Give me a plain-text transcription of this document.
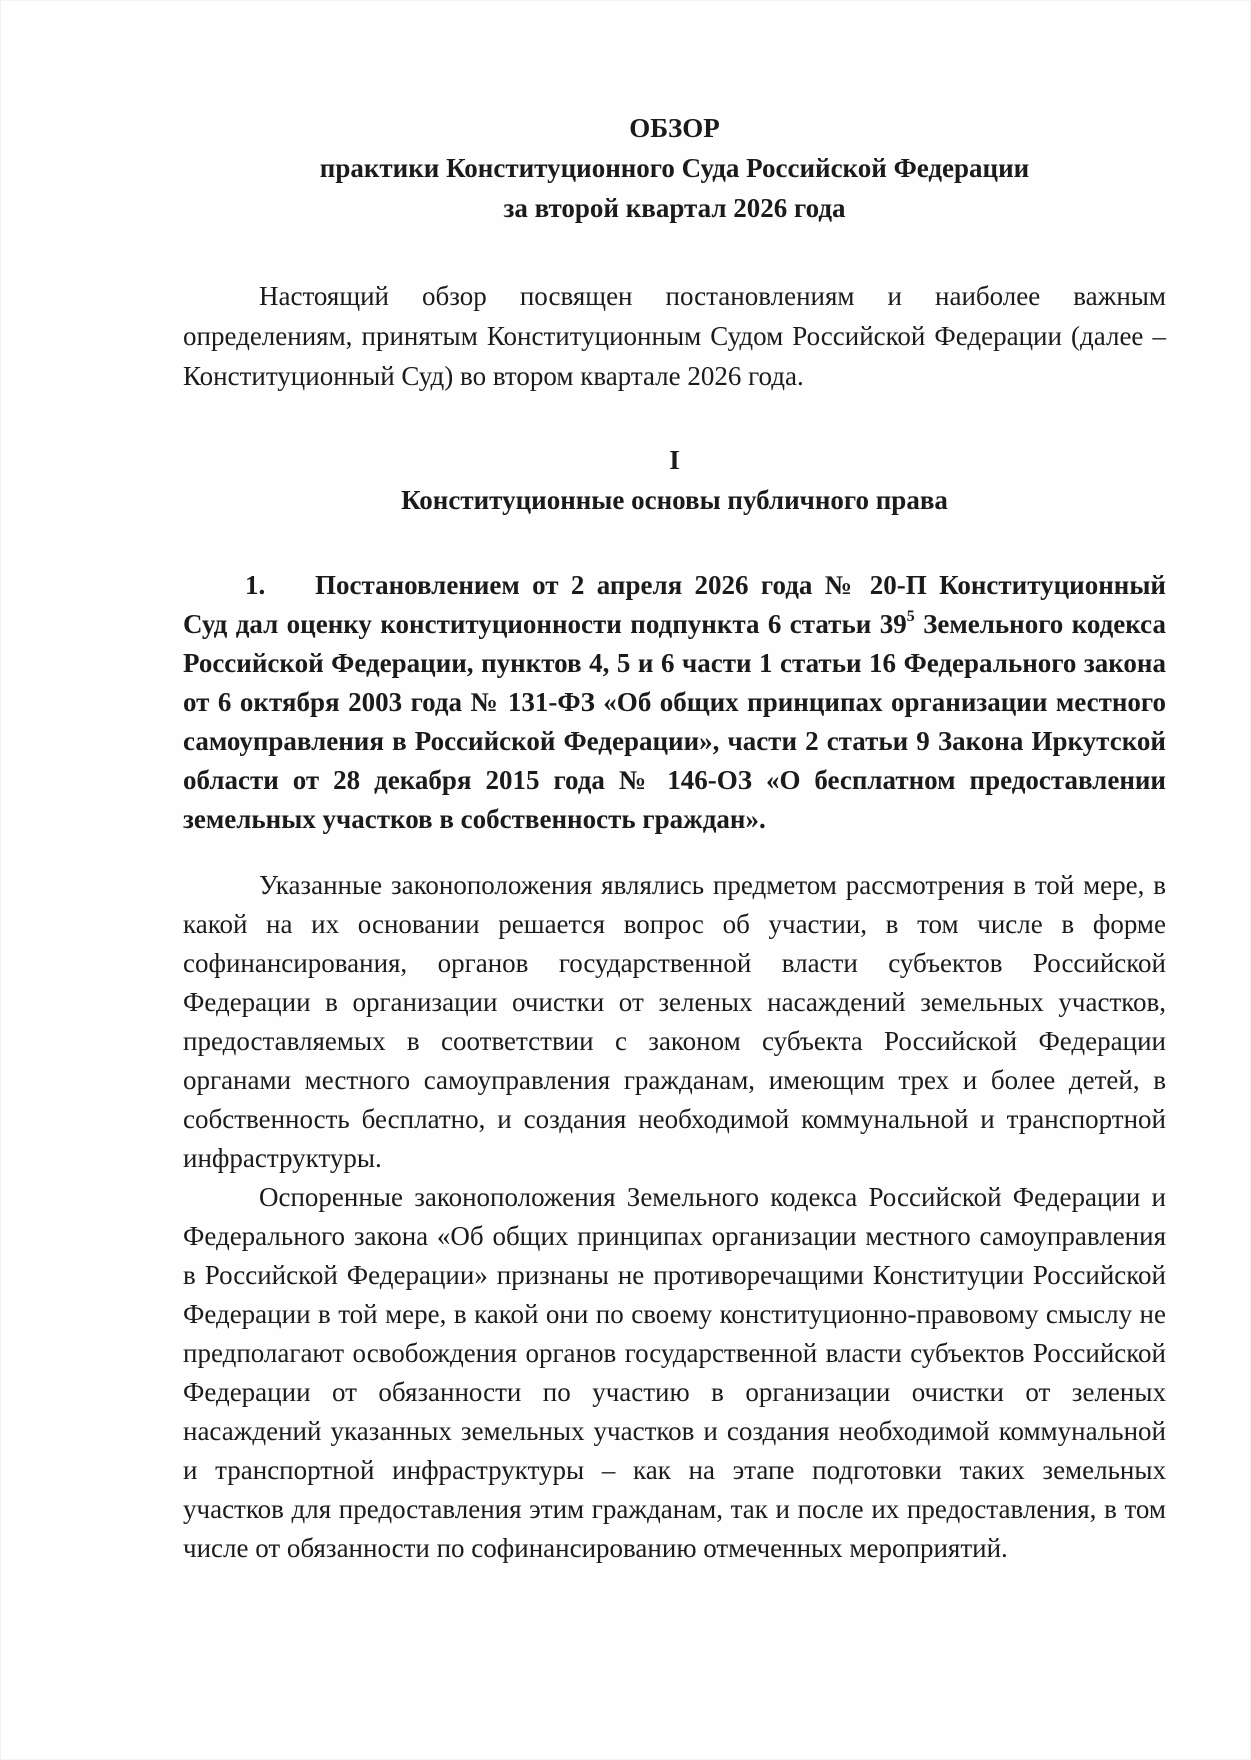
ОБЗОР
практики Конституционного Суда Российской Федерации
за второй квартал 2026 года

Настоящий обзор посвящен постановлениям и наиболее важным определениям, принятым Конституционным Судом Российской Федерации (далее – Конституционный Суд) во втором квартале 2026 года.

I
Конституционные основы публичного права

1. Постановлением от 2 апреля 2026 года № 20-П Конституционный Суд дал оценку конституционности подпункта 6 статьи $39^5$ Земельного кодекса Российской Федерации, пунктов 4, 5 и 6 части 1 статьи 16 Федерального закона от 6 октября 2003 года № 131-ФЗ «Об общих принципах организации местного самоуправления в Российской Федерации», части 2 статьи 9 Закона Иркутской области от 28 декабря 2015 года № 146-ОЗ «О бесплатном предоставлении земельных участков в собственность граждан».

Указанные законоположения являлись предметом рассмотрения в той мере, в какой на их основании решается вопрос об участии, в том числе в форме софинансирования, органов государственной власти субъектов Российской Федерации в организации очистки от зеленых насаждений земельных участков, предоставляемых в соответствии с законом субъекта Российской Федерации органами местного самоуправления гражданам, имеющим трех и более детей, в собственность бесплатно, и создания необходимой коммунальной и транспортной инфраструктуры.

Оспоренные законоположения Земельного кодекса Российской Федерации и Федерального закона «Об общих принципах организации местного самоуправления в Российской Федерации» признаны не противоречащими Конституции Российской Федерации в той мере, в какой они по своему конституционно-правовому смыслу не предполагают освобождения органов государственной власти субъектов Российской Федерации от обязанности по участию в организации очистки от зеленых насаждений указанных земельных участков и создания необходимой коммунальной и транспортной инфраструктуры – как на этапе подготовки таких земельных участков для предоставления этим гражданам, так и после их предоставления, в том числе от обязанности по софинансированию отмеченных мероприятий.
